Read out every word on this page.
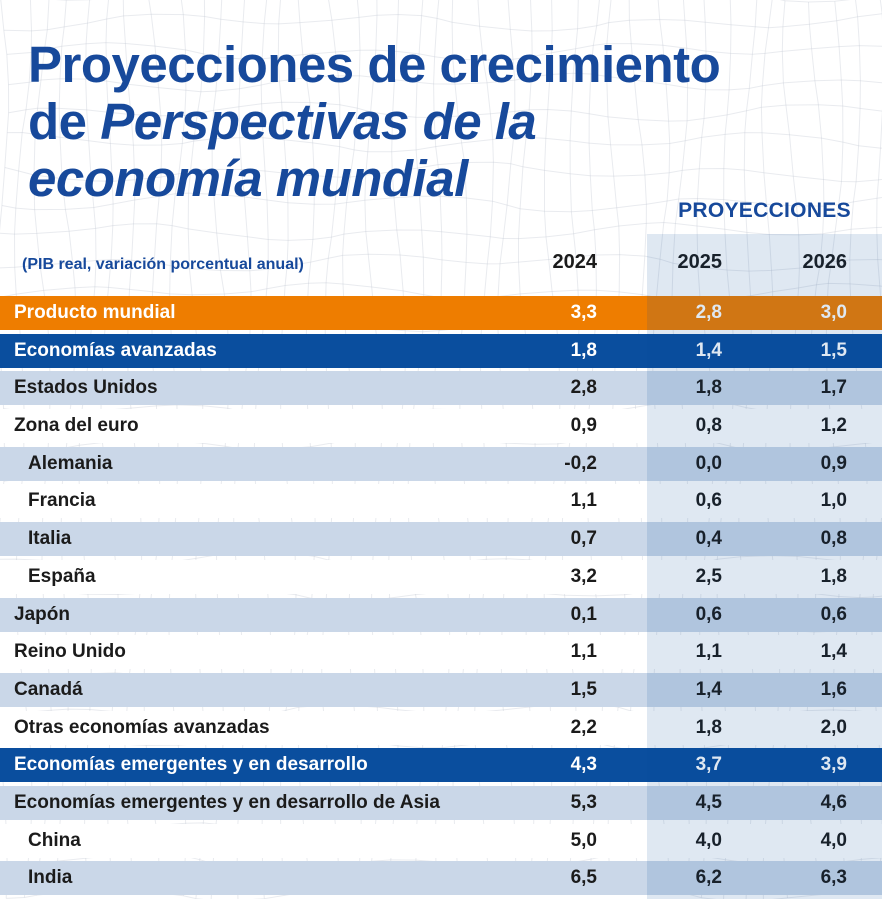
Proyecciones de crecimiento
de Perspectivas de la
economía mundial
PROYECCIONES
(PIB real, variación porcentual anual)	2024	2025	2026
Producto mundial	3,3	2,8	3,0
Economías avanzadas	1,8	1,4	1,5
Estados Unidos	2,8	1,8	1,7
Zona del euro	0,9	0,8	1,2
Alemania	-0,2	0,0	0,9
Francia	1,1	0,6	1,0
Italia	0,7	0,4	0,8
España	3,2	2,5	1,8
Japón	0,1	0,6	0,6
Reino Unido	1,1	1,1	1,4
Canadá	1,5	1,4	1,6
Otras economías avanzadas	2,2	1,8	2,0
Economías emergentes y en desarrollo	4,3	3,7	3,9
Economías emergentes y en desarrollo de Asia	5,3	4,5	4,6
China	5,0	4,0	4,0
India	6,5	6,2	6,3
